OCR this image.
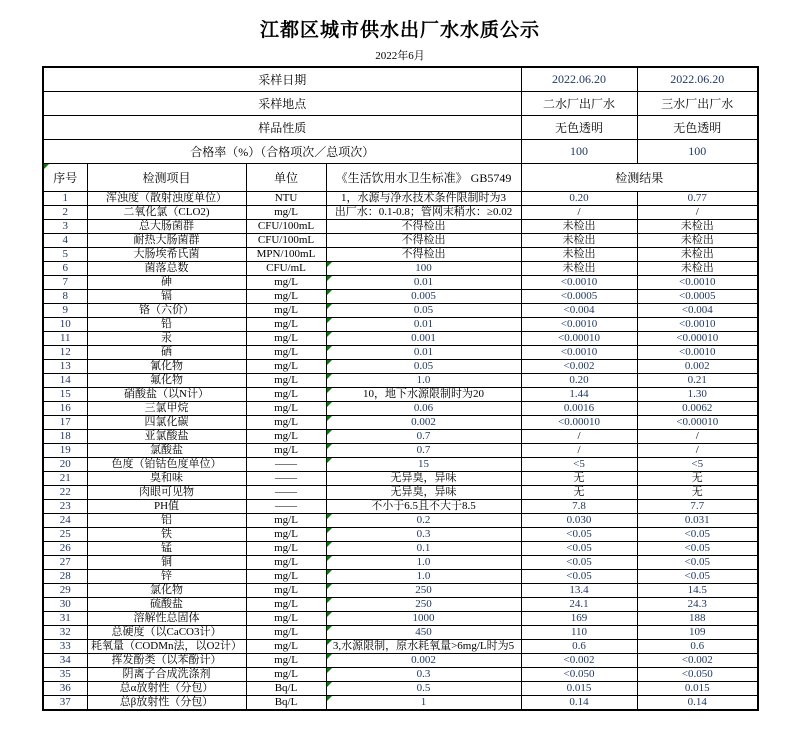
江都区城市供水出厂水水质公示
2022年6月
采样日期				2022.06.20	2022.06.20
采样地点				二水厂出厂水	三水厂出厂水
样品性质				无色透明	无色透明
合格率（%）（合格项次／总项次）				100	100

序号	检测项目	单位	《生活饮用水卫生标准》 GB5749	检测结果	
1	浑浊度（散射浊度单位）	NTU	1，水源与净水技术条件限制时为3	0.20	0.77
2	二氧化氯（CLO2)	mg/L	出厂水：0.1-0.8；管网末稍水：≥0.02	/	/
3	总大肠菌群	CFU/100mL	不得检出	未检出	未检出
4	耐热大肠菌群	CFU/100mL	不得检出	未检出	未检出
5	大肠埃希氏菌	MPN/100mL	不得检出	未检出	未检出
6	菌落总数	CFU/mL	100	未检出	未检出
7	砷	mg/L	0.01	<0.0010	<0.0010
8	镉	mg/L	0.005	<0.0005	<0.0005
9	铬（六价）	mg/L	0.05	<0.004	<0.004
10	铅	mg/L	0.01	<0.0010	<0.0010
11	汞	mg/L	0.001	<0.00010	<0.00010
12	硒	mg/L	0.01	<0.0010	<0.0010
13	氰化物	mg/L	0.05	<0.002	0.002
14	氟化物	mg/L	1.0	0.20	0.21
15	硝酸盐（以N计）	mg/L	10，地下水源限制时为20	1.44	1.30
16	三氯甲烷	mg/L	0.06	0.0016	0.0062
17	四氯化碳	mg/L	0.002	<0.00010	<0.00010
18	亚氯酸盐	mg/L	0.7	/	/
19	氯酸盐	mg/L	0.7	/	/
20	色度（铂钴色度单位）	——	15	<5	<5
21	臭和味	——	无异臭，异味	无	无
22	肉眼可见物	——	无异臭，异味	无	无
23	PH值	——	不小于6.5且不大于8.5	7.8	7.7
24	铝	mg/L	0.2	0.030	0.031
25	铁	mg/L	0.3	<0.05	<0.05
26	锰	mg/L	0.1	<0.05	<0.05
27	铜	mg/L	1.0	<0.05	<0.05
28	锌	mg/L	1.0	<0.05	<0.05
29	氯化物	mg/L	250	13.4	14.5
30	硫酸盐	mg/L	250	24.1	24.3
31	溶解性总固体	mg/L	1000	169	188
32	总硬度（以CaCO3计）	mg/L	450	110	109
33	耗氧量（CODMn法，以O2计）	mg/L	3,水源限制，原水耗氧量>6mg/L时为5	0.6	0.6
34	挥发酚类（以苯酚计）	mg/L	0.002	<0.002	<0.002
35	阴离子合成洗涤剂	mg/L	0.3	<0.050	<0.050
36	总α放射性（分包）	Bq/L	0.5	0.015	0.015
37	总β放射性（分包）	Bq/L	1	0.14	0.14
